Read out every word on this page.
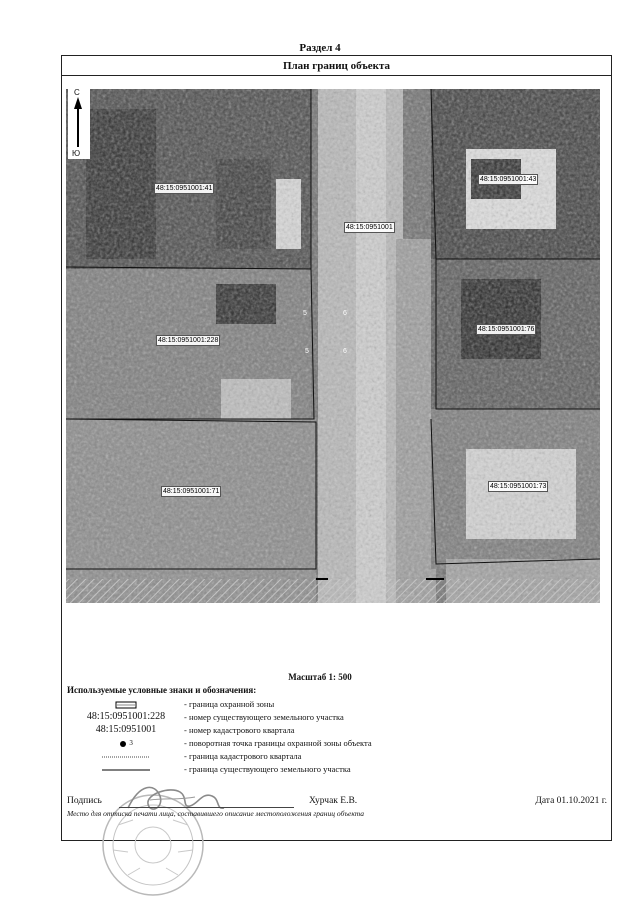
Раздел 4
План границ объекта
48:15:0951001:41
48:15:0951001:43
48:15:0951001
48:15:0951001:228
48:15:0951001:76
48:15:0951001:71
48:15:0951001:73
5	6
5	6
С
Ю
Масштаб 1: 500
Используемые условные знаки и обозначения:
- граница охранной зоны
48:15:0951001:228	- номер существующего земельного участка
48:15:0951001	- номер кадастрового квартала
$^3$	- поворотная точка границы охранной зоны объекта
- граница кадастрового квартала
- граница существующего земельного участка
Подпись	Хурчак Е.В.	Дата 01.10.2021 г.
Место для оттиска печати лица, составившего описание местоположения границ объекта
